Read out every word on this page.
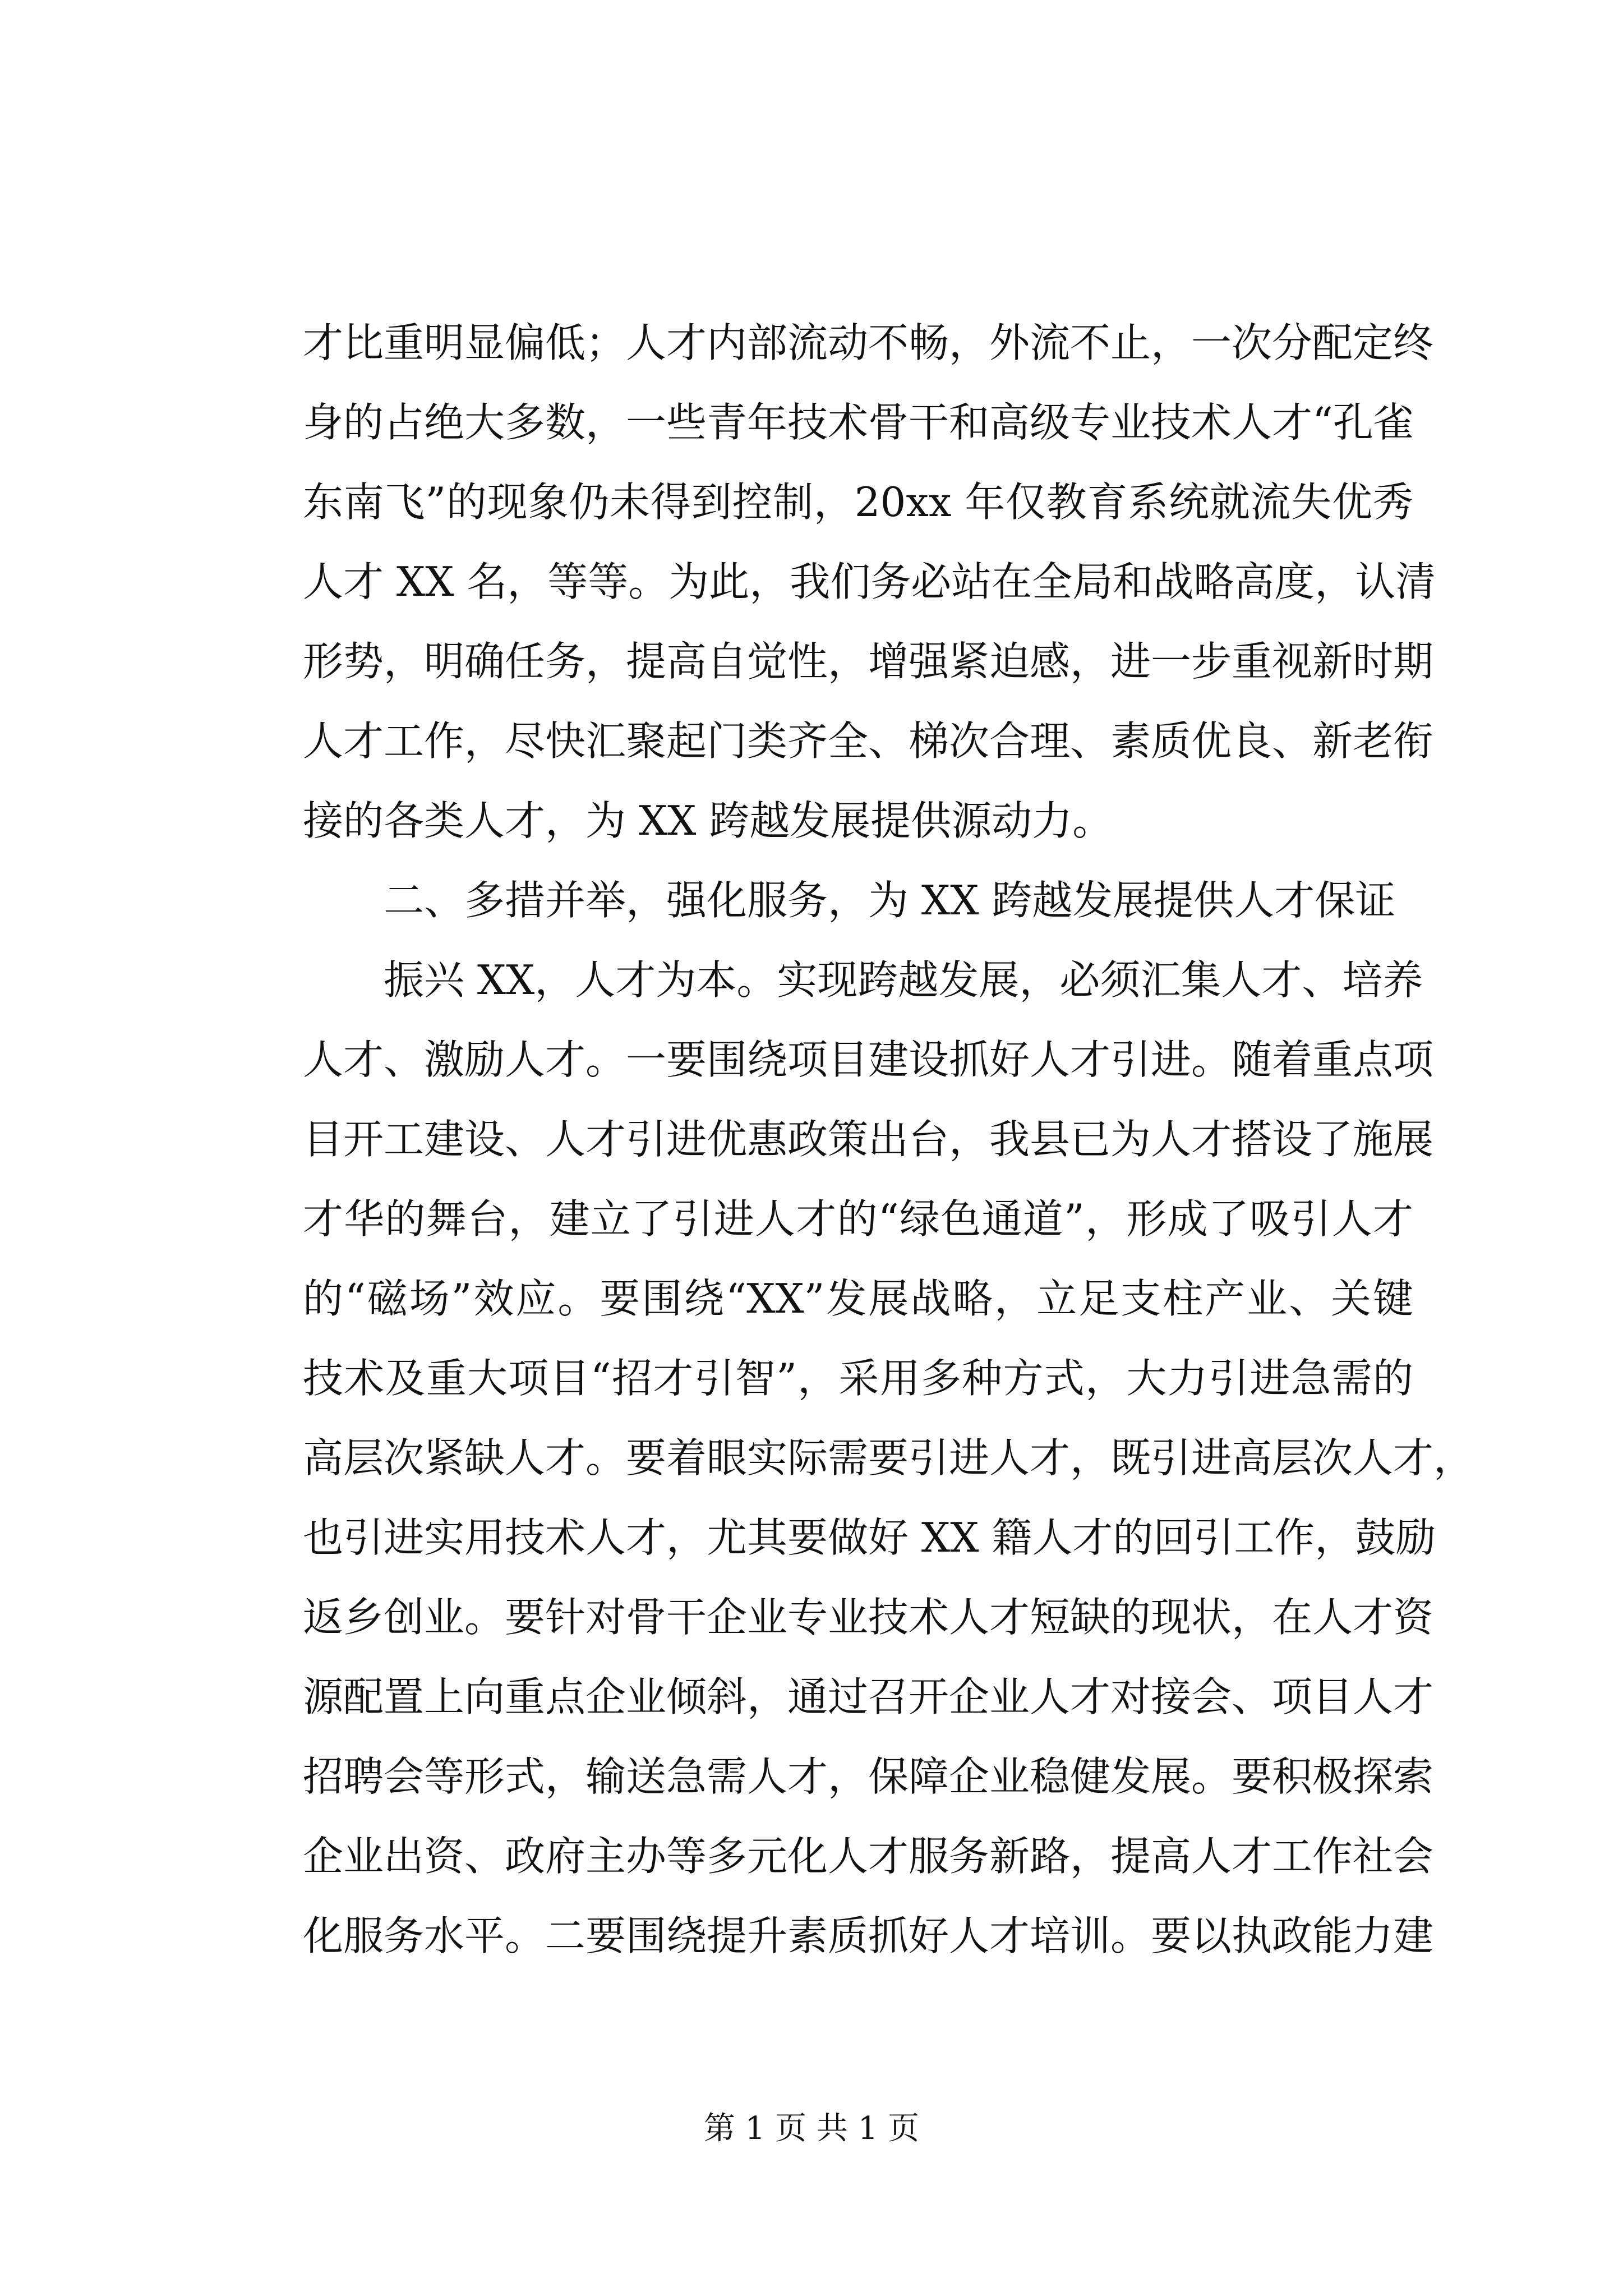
才比重明显偏低；人才内部流动不畅，外流不止，一次分配定终
身的占绝大多数，一些青年技术骨干和高级专业技术人才“孔雀
东南飞”的现象仍未得到控制，20xx 年仅教育系统就流失优秀
人才 XX 名，等等。为此，我们务必站在全局和战略高度，认清
形势，明确任务，提高自觉性，增强紧迫感，进一步重视新时期
人才工作，尽快汇聚起门类齐全、梯次合理、素质优良、新老衔
接的各类人才，为 XX 跨越发展提供源动力。
二、多措并举，强化服务，为 XX 跨越发展提供人才保证
振兴 XX，人才为本。实现跨越发展，必须汇集人才、培养
人才、激励人才。一要围绕项目建设抓好人才引进。随着重点项
目开工建设、人才引进优惠政策出台，我县已为人才搭设了施展
才华的舞台，建立了引进人才的“绿色通道”，形成了吸引人才
的“磁场”效应。要围绕“XX”发展战略，立足支柱产业、关键
技术及重大项目“招才引智”，采用多种方式，大力引进急需的
高层次紧缺人才。要着眼实际需要引进人才，既引进高层次人才，
也引进实用技术人才，尤其要做好 XX 籍人才的回引工作，鼓励
返乡创业。要针对骨干企业专业技术人才短缺的现状，在人才资
源配置上向重点企业倾斜，通过召开企业人才对接会、项目人才
招聘会等形式，输送急需人才，保障企业稳健发展。要积极探索
企业出资、政府主办等多元化人才服务新路，提高人才工作社会
化服务水平。二要围绕提升素质抓好人才培训。要以执政能力建
第 1 页 共 1 页
